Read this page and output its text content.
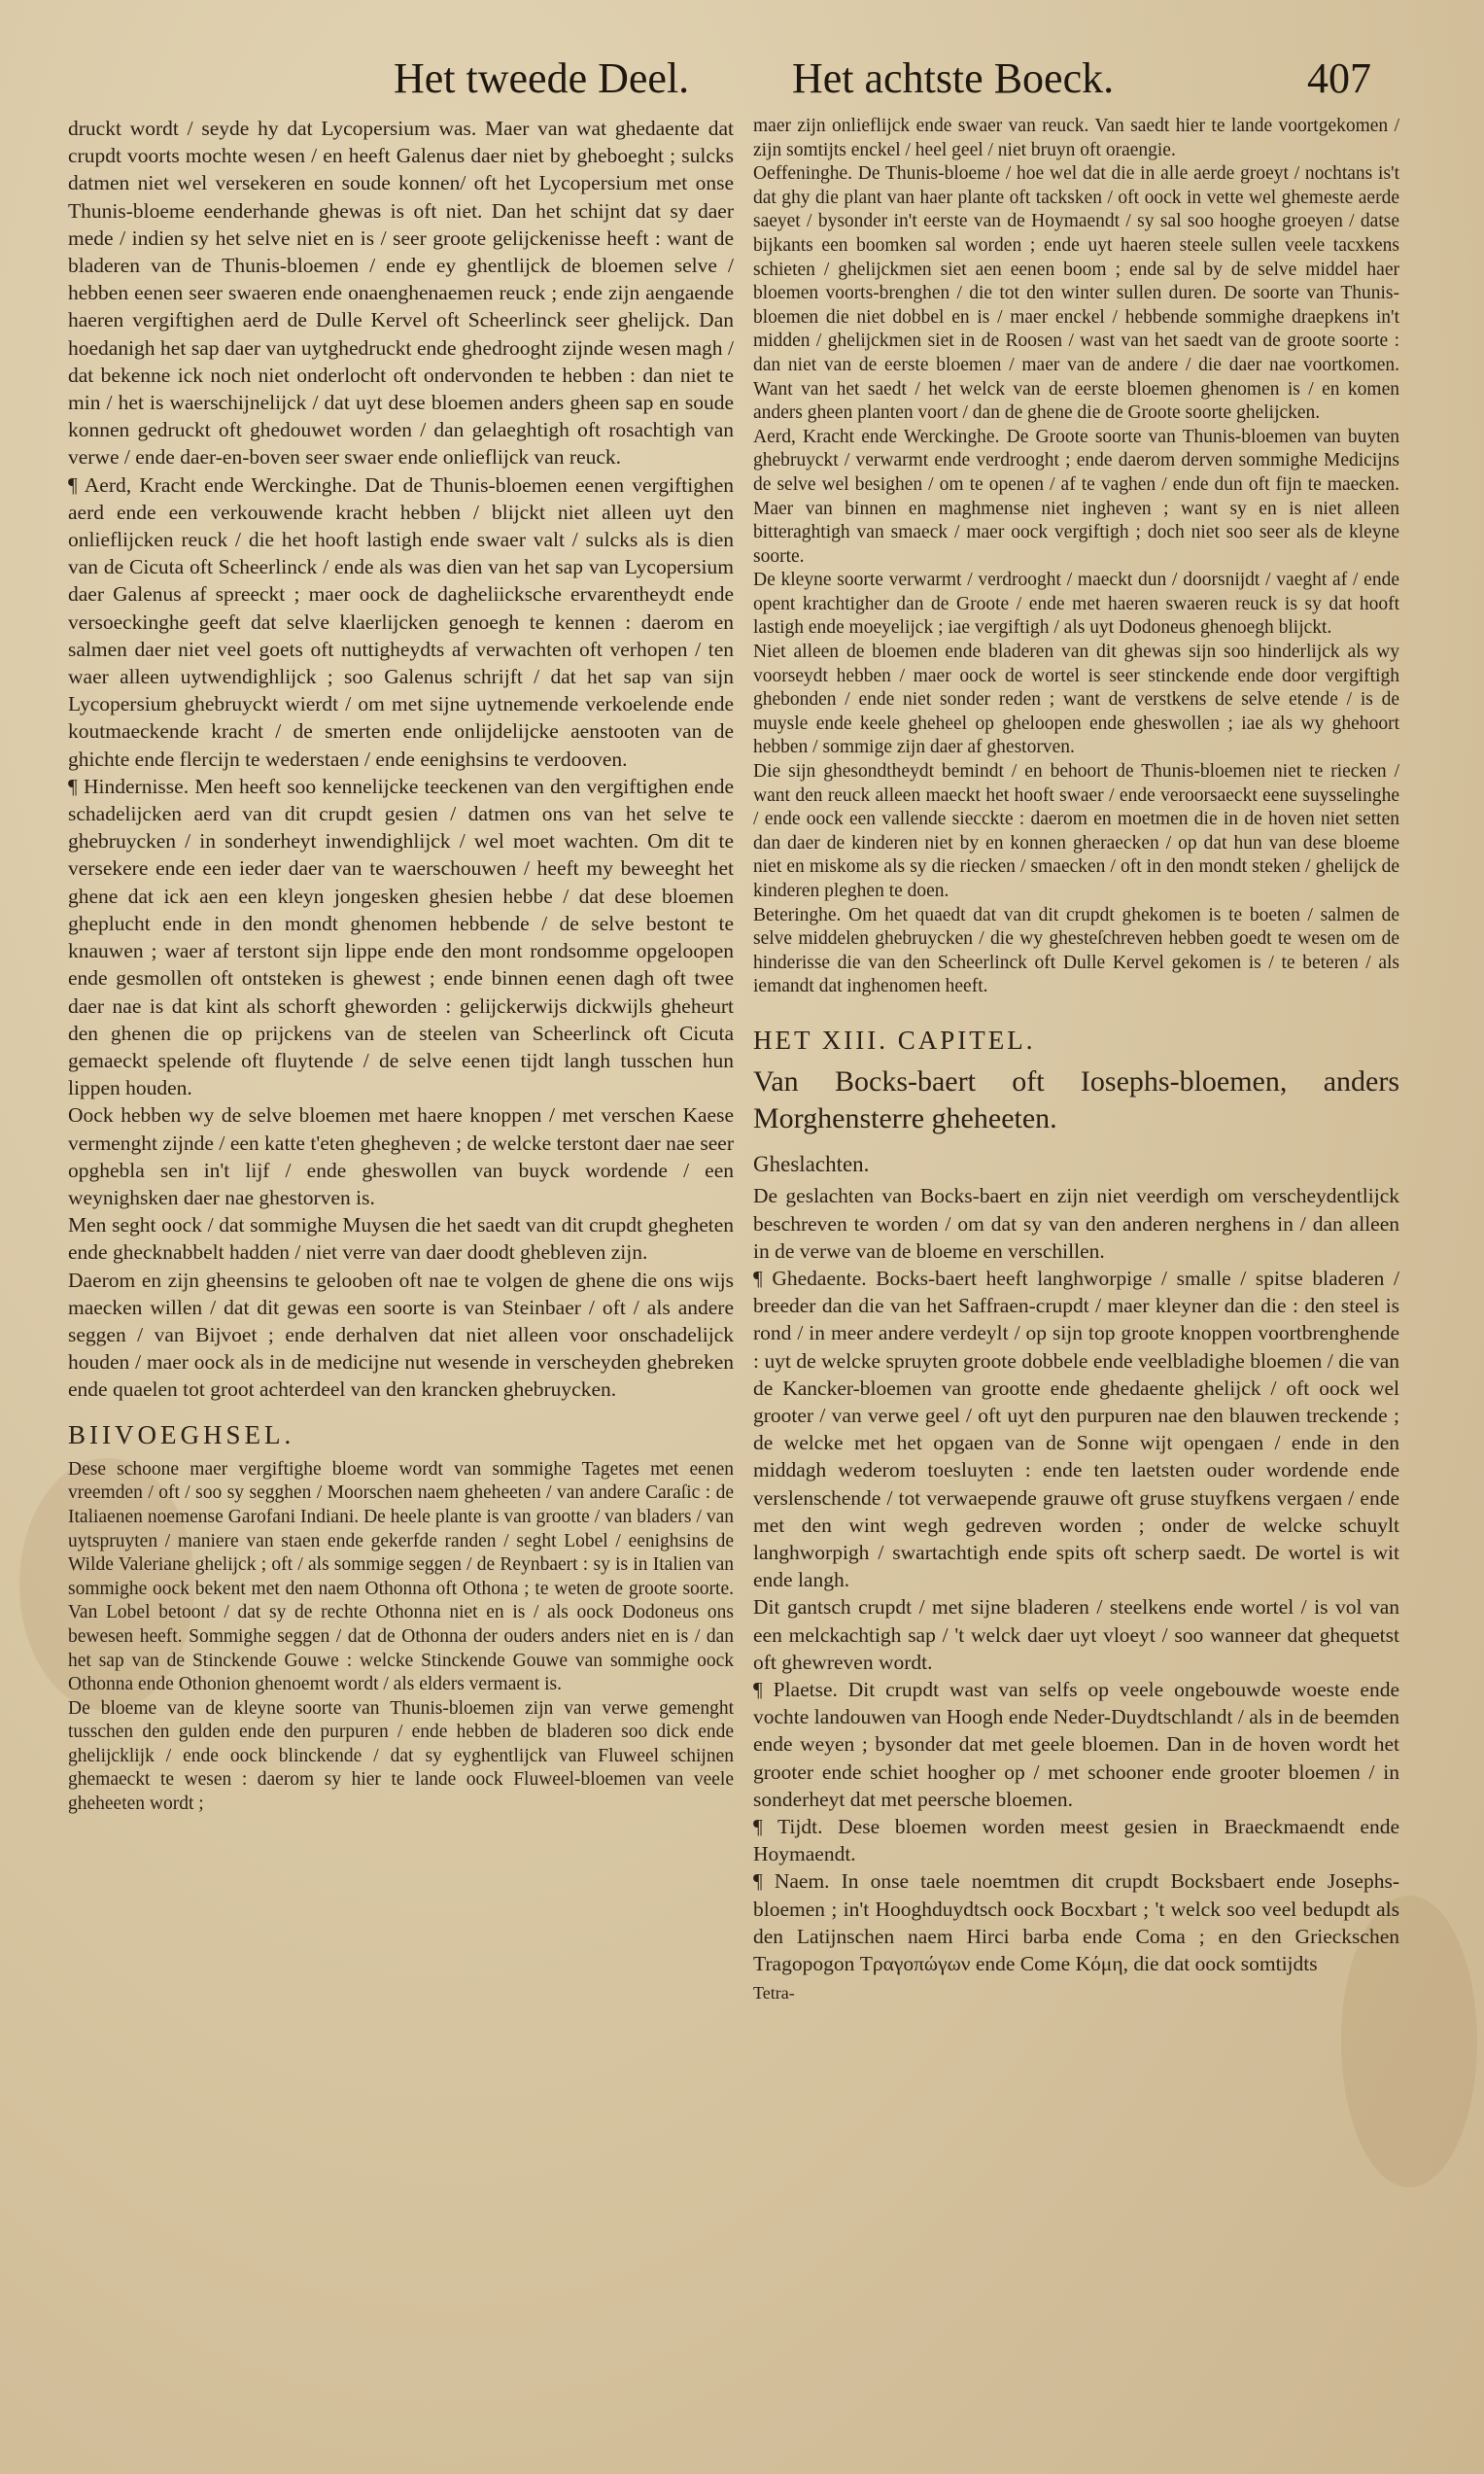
Het tweede Deel. Het achtste Boeck.	407

druckt wordt / seyde hy dat Lycopersium was. Maer van wat ghedaente dat crupdt voorts mochte wesen / en heeft Galenus daer niet by gheboeght ; sulcks datmen niet wel versekeren en soude konnen/ oft het Lycopersium met onse Thunis-bloeme eenderhande ghewas is oft niet. Dan het schijnt dat sy daer mede / indien sy het selve niet en is / seer groote gelijckenisse heeft : want de bladeren van de Thunis-bloemen / ende ey ghentlijck de bloemen selve / hebben eenen seer swaeren ende onaenghenaemen reuck ; ende zijn aengaende haeren vergiftighen aerd de Dulle Kervel oft Scheerlinck seer ghelijck. Dan hoedanigh het sap daer van uytghedruckt ende ghedrooght zijnde wesen magh / dat bekenne ick noch niet onderlocht oft ondervonden te hebben : dan niet te min / het is waerschijnelijck / dat uyt dese bloemen anders gheen sap en soude konnen gedruckt oft ghedouwet worden / dan gelaeghtigh oft rosachtigh van verwe / ende daer-en-boven seer swaer ende onlieflijck van reuck.

¶ Aerd, Kracht ende Werckinghe. Dat de Thunis-bloemen eenen vergiftighen aerd ende een verkouwende kracht hebben / blijckt niet alleen uyt den onlieflijcken reuck / die het hooft lastigh ende swaer valt / sulcks als is dien van de Cicuta oft Scheerlinck / ende als was dien van het sap van Lycopersium daer Galenus af spreeckt ; maer oock de dagheliicksche ervarentheydt ende versoeckinghe geeft dat selve klaerlijcken genoegh te kennen : daerom en salmen daer niet veel goets oft nuttigheydts af verwachten oft verhopen / ten waer alleen uytwendighlijck ; soo Galenus schrijft / dat het sap van sijn Lycopersium ghebruyckt wierdt / om met sijne uytnemende verkoelende ende koutmaeckende kracht / de smerten ende onlijdelijcke aenstooten van de ghichte ende flercijn te wederstaen / ende eenighsins te verdooven.

¶ Hindernisse. Men heeft soo kennelijcke teeckenen van den vergiftighen ende schadelijcken aerd van dit crupdt gesien / datmen ons van het selve te ghebruycken / in sonderheyt inwendighlijck / wel moet wachten. Om dit te versekere ende een ieder daer van te waerschouwen / heeft my beweeght het ghene dat ick aen een kleyn jongesken ghesien hebbe / dat dese bloemen gheplucht ende in den mondt ghenomen hebbende / de selve bestont te knauwen ; waer af terstont sijn lippe ende den mont rondsomme opgeloopen ende gesmollen oft ontsteken is ghewest ; ende binnen eenen dagh oft twee daer nae is dat kint als schorft gheworden : gelijckerwijs dickwijls gheheurt den ghenen die op prijckens van de steelen van Scheerlinck oft Cicuta gemaeckt spelende oft fluytende / de selve eenen tijdt langh tusschen hun lippen houden.

Oock hebben wy de selve bloemen met haere knoppen / met verschen Kaese vermenght zijnde / een katte t'eten ghegheven ; de welcke terstont daer nae seer opghebla sen in't lijf / ende gheswollen van buyck wordende / een weynighsken daer nae ghestorven is.

Men seght oock / dat sommighe Muysen die het saedt van dit crupdt ghegheten ende ghecknabbelt hadden / niet verre van daer doodt ghebleven zijn.

Daerom en zijn gheensins te gelooben oft nae te volgen de ghene die ons wijs maecken willen / dat dit gewas een soorte is van Steinbaer / oft / als andere seggen / van Bijvoet ; ende derhalven dat niet alleen voor onschadelijck houden / maer oock als in de medicijne nut wesende in verscheyden ghebreken ende quaelen tot groot achterdeel van den krancken ghebruycken.

BIIVOEGHSEL.

Dese schoone maer vergiftighe bloeme wordt van sommighe Tagetes met eenen vreemden / oft / soo sy segghen / Moorschen naem gheheeten / van andere Caraſic : de Italiaenen noemense Garofani Indiani. De heele plante is van grootte / van bladers / van uytspruyten / maniere van staen ende gekerfde randen / seght Lobel / eenighsins de Wilde Valeriane ghelijck ; oft / als sommige seggen / de Reynbaert : sy is in Italien van sommighe oock bekent met den naem Othonna oft Othona ; te weten de groote soorte. Van Lobel betoont / dat sy de rechte Othonna niet en is / als oock Dodoneus ons bewesen heeft. Sommighe seggen / dat de Othonna der ouders anders niet en is / dan het sap van de Stinckende Gouwe : welcke Stinckende Gouwe van sommighe oock Othonna ende Othonion ghenoemt wordt / als elders vermaent is.

De bloeme van de kleyne soorte van Thunis-bloemen zijn van verwe gemenght tusschen den gulden ende den purpuren / ende hebben de bladeren soo dick ende ghelijcklijk / ende oock blinckende / dat sy eyghentlijck van Fluweel schijnen ghemaeckt te wesen : daerom sy hier te lande oock Fluweel-bloemen van veele gheheeten wordt ;

maer zijn onlieflijck ende swaer van reuck. Van saedt hier te lande voortgekomen / zijn somtijts enckel / heel geel / niet bruyn oft oraengie.

Oeffeninghe. De Thunis-bloeme / hoe wel dat die in alle aerde groeyt / nochtans is't dat ghy die plant van haer plante oft tacksken / oft oock in vette wel ghemeste aerde saeyet / bysonder in't eerste van de Hoymaendt / sy sal soo hooghe groeyen / datse bijkants een boomken sal worden ; ende uyt haeren steele sullen veele tacxkens schieten / ghelijckmen siet aen eenen boom ; ende sal by de selve middel haer bloemen voorts-brenghen / die tot den winter sullen duren. De soorte van Thunis-bloemen die niet dobbel en is / maer enckel / hebbende sommighe draepkens in't midden / ghelijckmen siet in de Roosen / wast van het saedt van de groote soorte : dan niet van de eerste bloemen / maer van de andere / die daer nae voortkomen. Want van het saedt / het welck van de eerste bloemen ghenomen is / en komen anders gheen planten voort / dan de ghene die de Groote soorte ghelijcken.

Aerd, Kracht ende Werckinghe. De Groote soorte van Thunis-bloemen van buyten ghebruyckt / verwarmt ende verdrooght ; ende daerom derven sommighe Medicijns de selve wel besighen / om te openen / af te vaghen / ende dun oft fijn te maecken. Maer van binnen en maghmense niet ingheven ; want sy en is niet alleen bitteraghtigh van smaeck / maer oock vergiftigh ; doch niet soo seer als de kleyne soorte.

De kleyne soorte verwarmt / verdrooght / maeckt dun / doorsnijdt / vaeght af / ende opent krachtigher dan de Groote / ende met haeren swaeren reuck is sy dat hooft lastigh ende moeyelijck ; iae vergiftigh / als uyt Dodoneus ghenoegh blijckt.

Niet alleen de bloemen ende bladeren van dit ghewas sijn soo hinderlijck als wy voorseydt hebben / maer oock de wortel is seer stinckende ende door vergiftigh ghebonden / ende niet sonder reden ; want de verstkens de selve etende / is de muysle ende keele gheheel op gheloopen ende gheswollen ; iae als wy ghehoort hebben / sommige zijn daer af ghestorven.

Die sijn ghesondtheydt bemindt / en behoort de Thunis-bloemen niet te riecken / want den reuck alleen maeckt het hooft swaer / ende veroorsaeckt eene suysselinghe / ende oock een vallende siecckte : daerom en moetmen die in de hoven niet setten dan daer de kinderen niet by en konnen gheraecken / op dat hun van dese bloeme niet en miskome als sy die riecken / smaecken / oft in den mondt steken / ghelijck de kinderen pleghen te doen.

Beteringhe. Om het quaedt dat van dit crupdt ghekomen is te boeten / salmen de selve middelen ghebruycken / die wy ghesteſchreven hebben goedt te wesen om de hinderisse die van den Scheerlinck oft Dulle Kervel gekomen is / te beteren / als iemandt dat inghenomen heeft.

HET XIII. CAPITEL.

Van Bocks-baert oft Iosephs-bloemen, anders Morghensterre gheheeten.

Gheslachten.

De geslachten van Bocks-baert en zijn niet veerdigh om verscheydentlijck beschreven te worden / om dat sy van den anderen nerghens in / dan alleen in de verwe van de bloeme en verschillen.

¶ Ghedaente. Bocks-baert heeft langhworpige / smalle / spitse bladeren / breeder dan die van het Saffraen-crupdt / maer kleyner dan die : den steel is rond / in meer andere verdeylt / op sijn top groote knoppen voortbrenghende : uyt de welcke spruyten groote dobbele ende veelbladighe bloemen / die van de Kancker-bloemen van grootte ende ghedaente ghelijck / oft oock wel grooter / van verwe geel / oft uyt den purpuren nae den blauwen treckende ; de welcke met het opgaen van de Sonne wijt opengaen / ende in den middagh wederom toesluyten : ende ten laetsten ouder wordende ende verslenschende / tot verwaepende grauwe oft gruse stuyfkens vergaen / ende met den wint wegh gedreven worden ; onder de welcke schuylt langhworpigh / swartachtigh ende spits oft scherp saedt. De wortel is wit ende langh.

Dit gantsch crupdt / met sijne bladeren / steelkens ende wortel / is vol van een melckachtigh sap / 't welck daer uyt vloeyt / soo wanneer dat ghequetst oft ghewreven wordt.

¶ Plaetse. Dit crupdt wast van selfs op veele ongebouwde woeste ende vochte landouwen van Hoogh ende Neder-Duydtschlandt / als in de beemden ende weyen ; bysonder dat met geele bloemen. Dan in de hoven wordt het grooter ende schiet hoogher op / met schooner ende grooter bloemen / in sonderheyt dat met peersche bloemen.

¶ Tijdt. Dese bloemen worden meest gesien in Braeckmaendt ende Hoymaendt.

¶ Naem. In onse taele noemtmen dit crupdt Bocksbaert ende Josephs-bloemen ; in't Hooghduydtsch oock Bocxbart ; 't welck soo veel bedupdt als den Latijnschen naem Hirci barba ende Coma ; en den Grieckschen Tragopogon Τραγοπώγων ende Come Κόμη, die dat oock somtijdts

Tetra-
